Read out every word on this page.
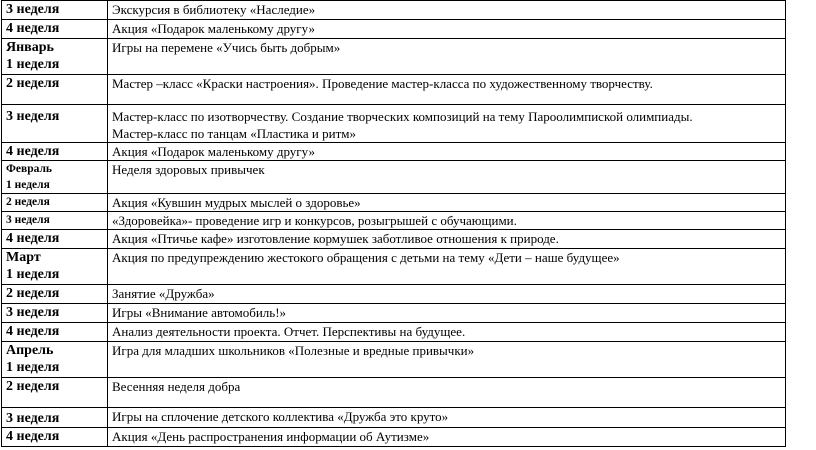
3 неделя	Экскурсия в библиотеку «Наследие»

4 неделя	Акция «Подарок маленькому другу»

Январь
1 неделя	Игры на перемене «Учись быть добрым»

2 неделя	Мастер –класс «Краски настроения». Проведение мастер-класса по художественному творчеству.

3 неделя	Мастер-класс по изотворчеству. Создание творческих композиций на тему Пароолимпиской олимпиады.
Мастер-класс по танцам «Пластика и ритм»

4 неделя	Акция «Подарок маленькому другу»

Февраль
1 неделя	Неделя здоровых привычек

2 неделя	Акция «Кувшин мудрых мыслей о здоровье»

3 неделя	«Здоровейка»- проведение игр и конкурсов, розыгрышей с обучающими.

4 неделя	Акция «Птичье кафе» изготовление кормушек заботливое отношения к природе.

Март
1 неделя	Акция по предупреждению жестокого обращения с детьми на тему «Дети – наше будущее»

2 неделя	Занятие «Дружба»

3 неделя	Игры «Внимание автомобиль!»

4 неделя	Анализ деятельности проекта. Отчет. Перспективы на будущее.

Апрель
1 неделя	Игра для младших школьников «Полезные и вредные привычки»

2 неделя	Весенняя неделя добра

3 неделя	Игры на сплочение детского коллектива «Дружба это круто»

4 неделя	Акция «День распространения информации об Аутизме»
